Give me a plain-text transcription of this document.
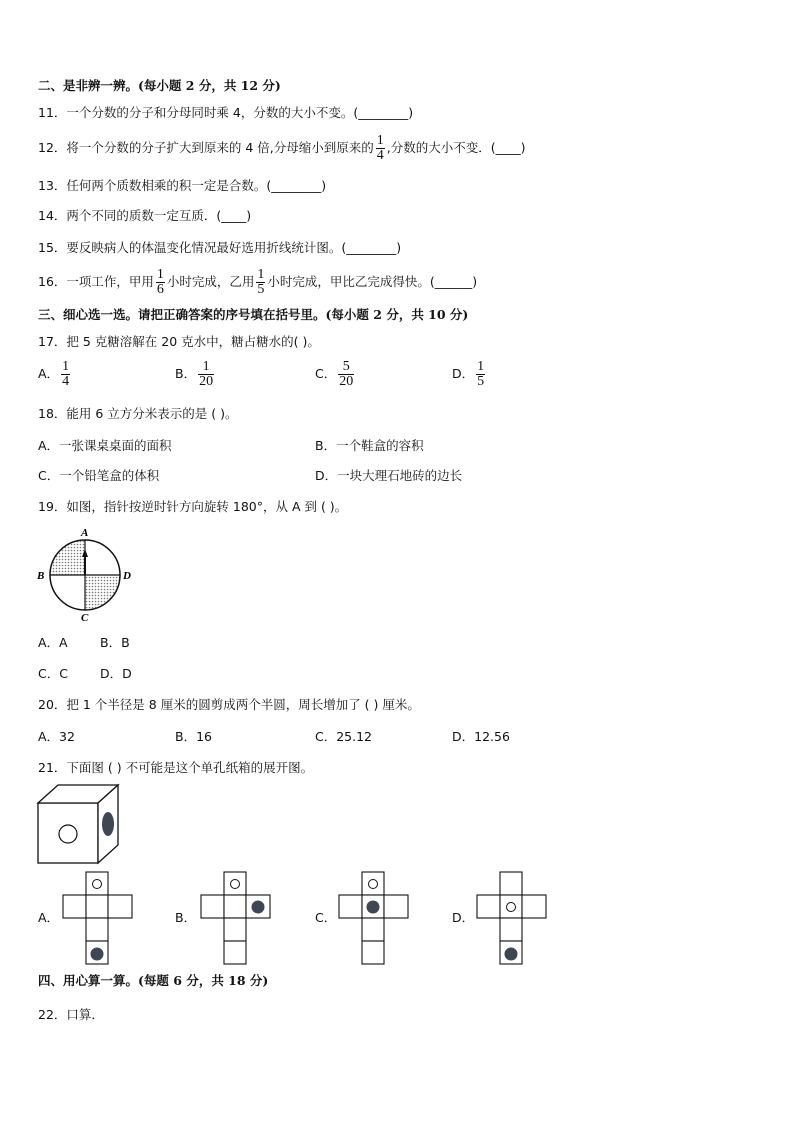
二、是非辨一辨。(每小题 2 分，共 12 分)
11．一个分数的分子和分母同时乘 4，分数的大小不变。(________)
12．将一个分数的分子扩大到原来的 4 倍,分母缩小到原来的 $\frac{1}{4}$ ,分数的大小不变．(____)
13．任何两个质数相乘的积一定是合数。(________)
14．两个不同的质数一定互质．(____)
15．要反映病人的体温变化情况最好选用折线统计图。(________)
16．一项工作，甲用 $\frac{1}{6}$ 小时完成，乙用 $\frac{1}{5}$ 小时完成，甲比乙完成得快。(______)
三、细心选一选。请把正确答案的序号填在括号里。(每小题 2 分，共 10 分)
17．把 5 克糖溶解在 20 克水中，糖占糖水的( )。
A． $\frac{1}{4}$	B． $\frac{1}{20}$	C． $\frac{5}{20}$	D． $\frac{1}{5}$
18．能用 6 立方分米表示的是 ( )。
A．一张课桌桌面的面积	B．一个鞋盒的容积
C．一个铅笔盒的体积	D．一块大理石地砖的边长
19．如图，指针按逆时针方向旋转 180°，从 A 到 ( )。
A
B
C
D
A．A	B．B
C．C	D．D
20．把 1 个半径是 8 厘米的圆剪成两个半圆，周长增加了 ( ) 厘米。
A．32	B．16	C．25.12	D．12.56
21．下面图 ( ) 不可能是这个单孔纸箱的展开图。
A．	B．	C．	D．
四、用心算一算。(每题 6 分，共 18 分)
22．口算．
